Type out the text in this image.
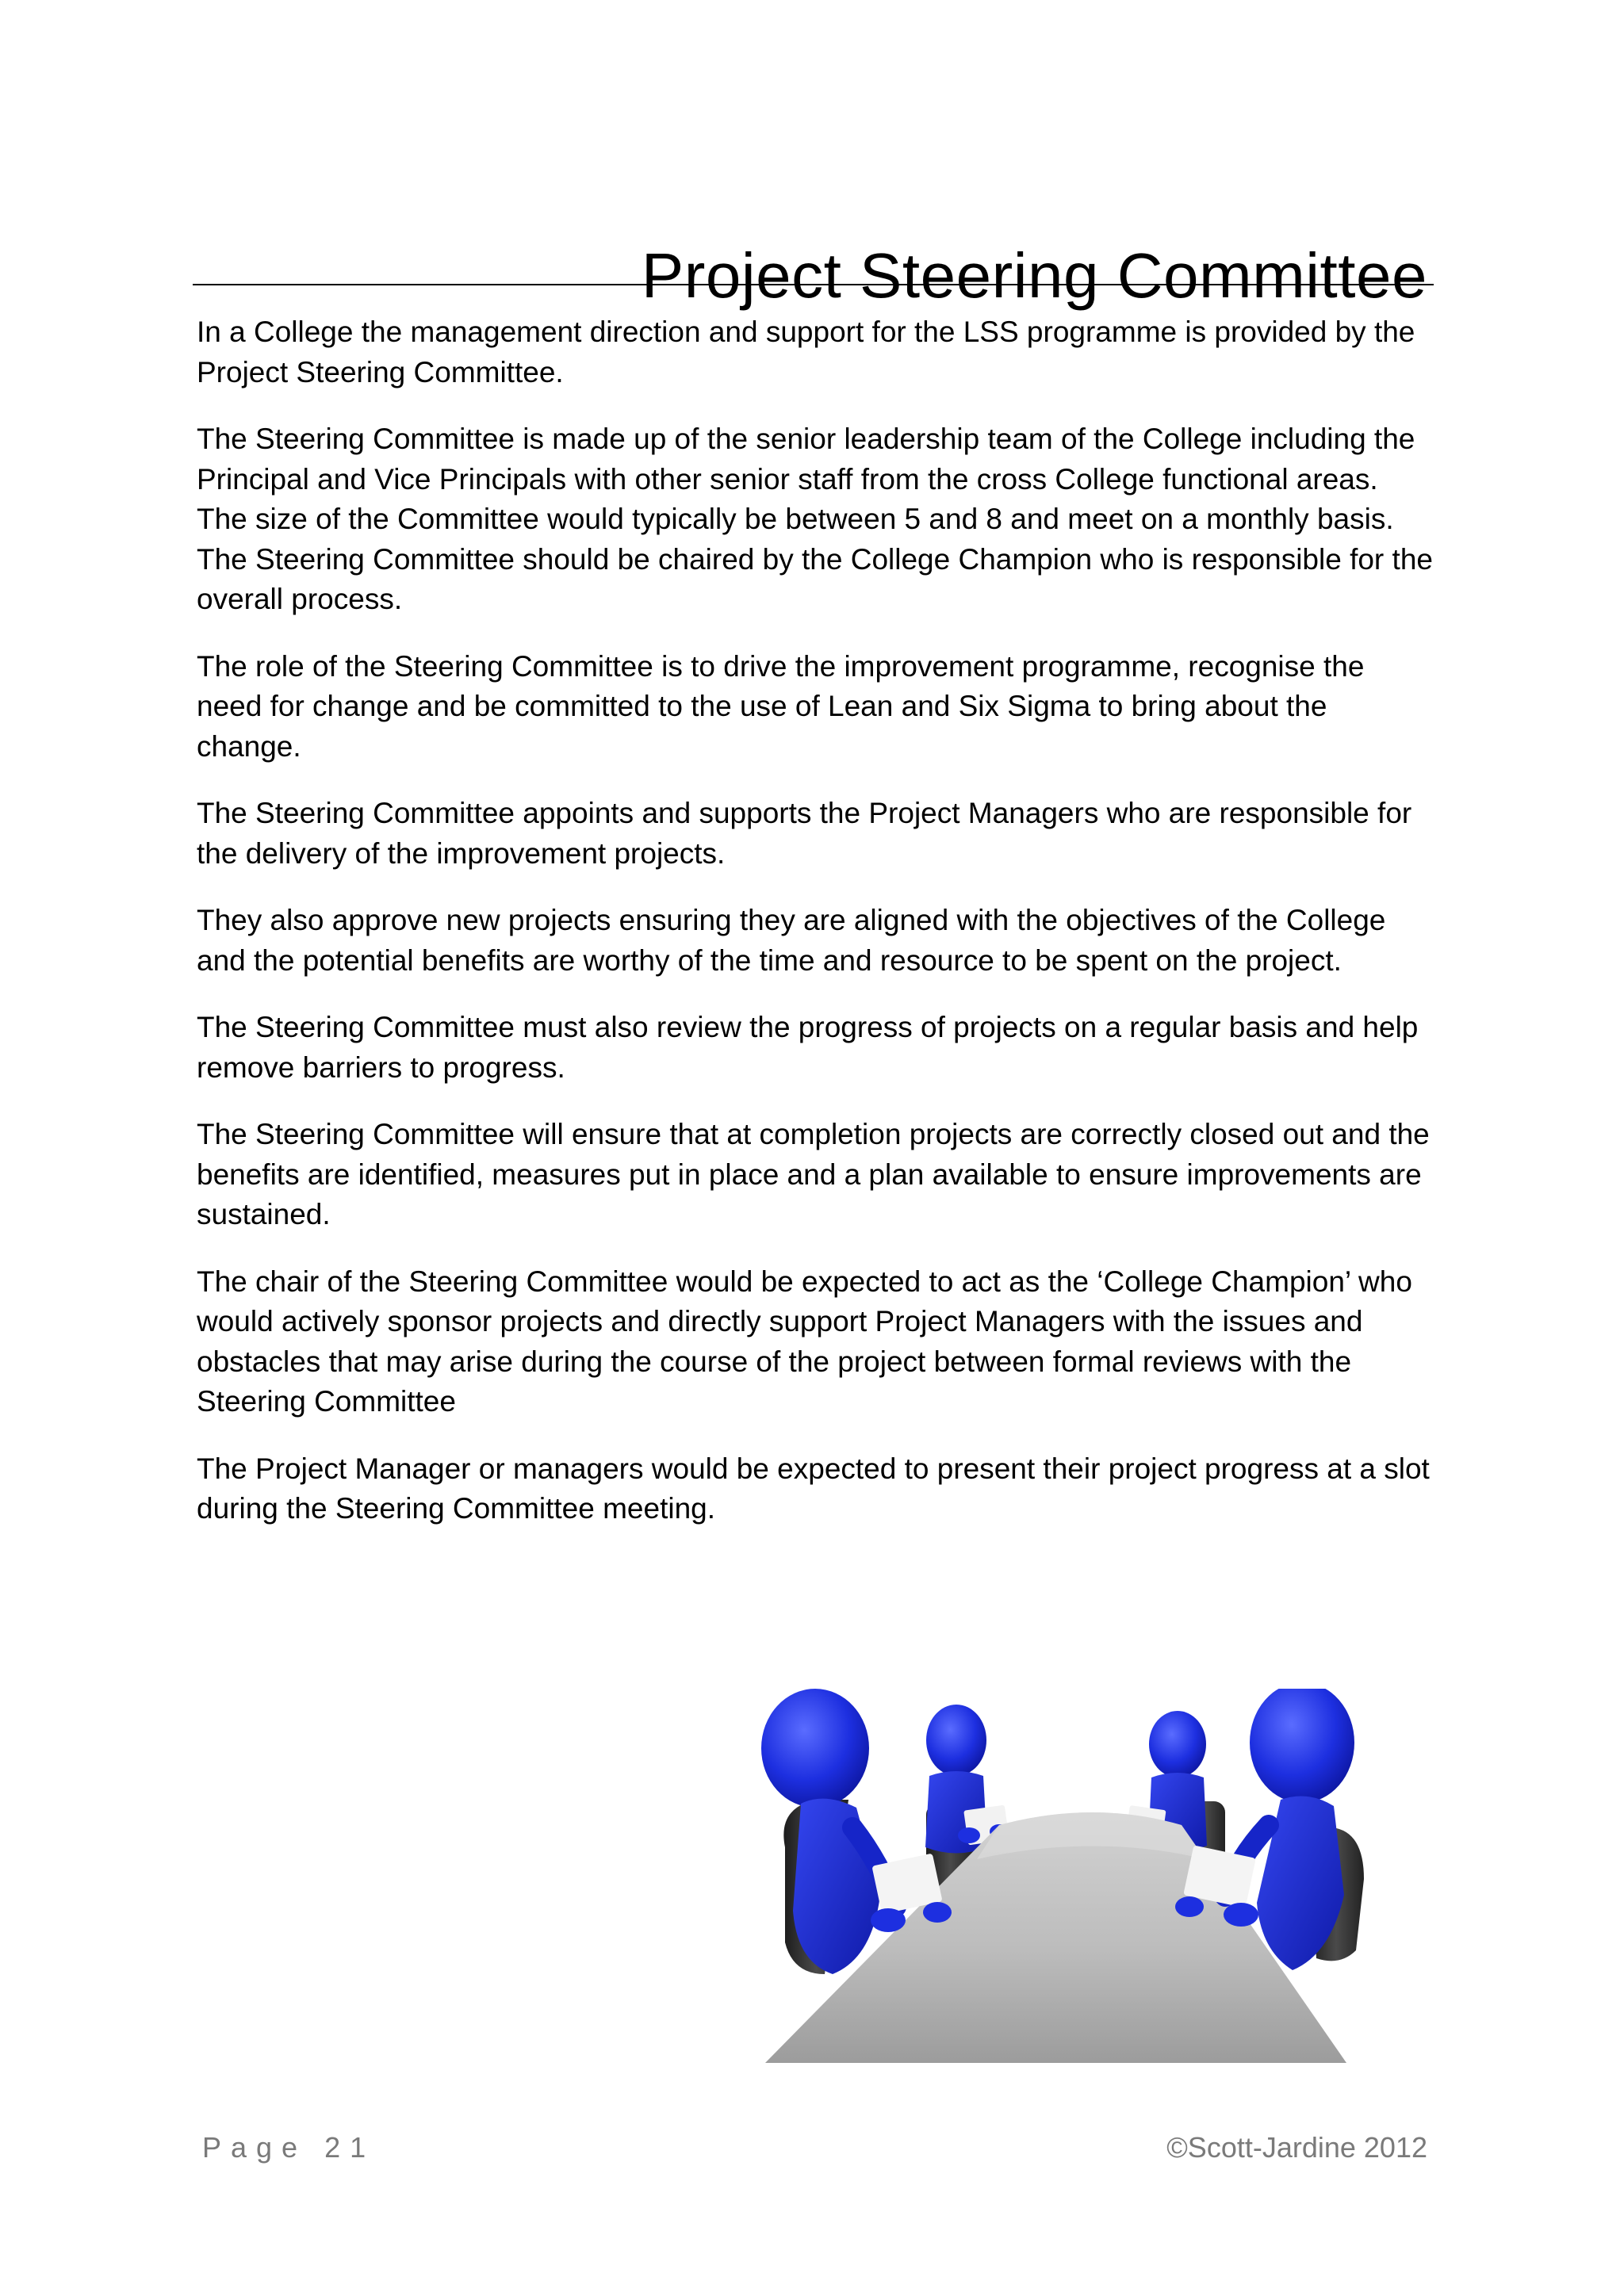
Project Steering Committee

In a College the management direction and support for the LSS programme is provided by the Project Steering Committee.

The Steering Committee is made up of the senior leadership team of the College including the Principal and Vice Principals with other senior staff from the cross College functional areas. The size of the Committee would typically be between 5 and 8 and meet on a monthly basis. The Steering Committee should be chaired by the College Champion who is responsible for the overall process.

The role of the Steering Committee is to drive the improvement programme, recognise the need for change and be committed to the use of Lean and Six Sigma to bring about the change.

The Steering Committee appoints and supports the Project Managers who are responsible for the delivery of the improvement projects.

They also approve new projects ensuring they are aligned with the objectives of the College and the potential benefits are worthy of the time and resource to be spent on the project.

The Steering Committee must also review the progress of projects on a regular basis and help remove barriers to progress.

The Steering Committee will ensure that at completion projects are correctly closed out and the benefits are identified, measures put in place and a plan available to ensure improvements are sustained.

The chair of the Steering Committee would be expected to act as the ‘College Champion’ who would actively sponsor projects and directly support Project Managers with the issues and obstacles that may arise during the course of the project between formal reviews with the Steering Committee

The Project Manager or managers would be expected to present their project progress at a slot during the Steering Committee meeting.

Page 21	©Scott-Jardine 2012
